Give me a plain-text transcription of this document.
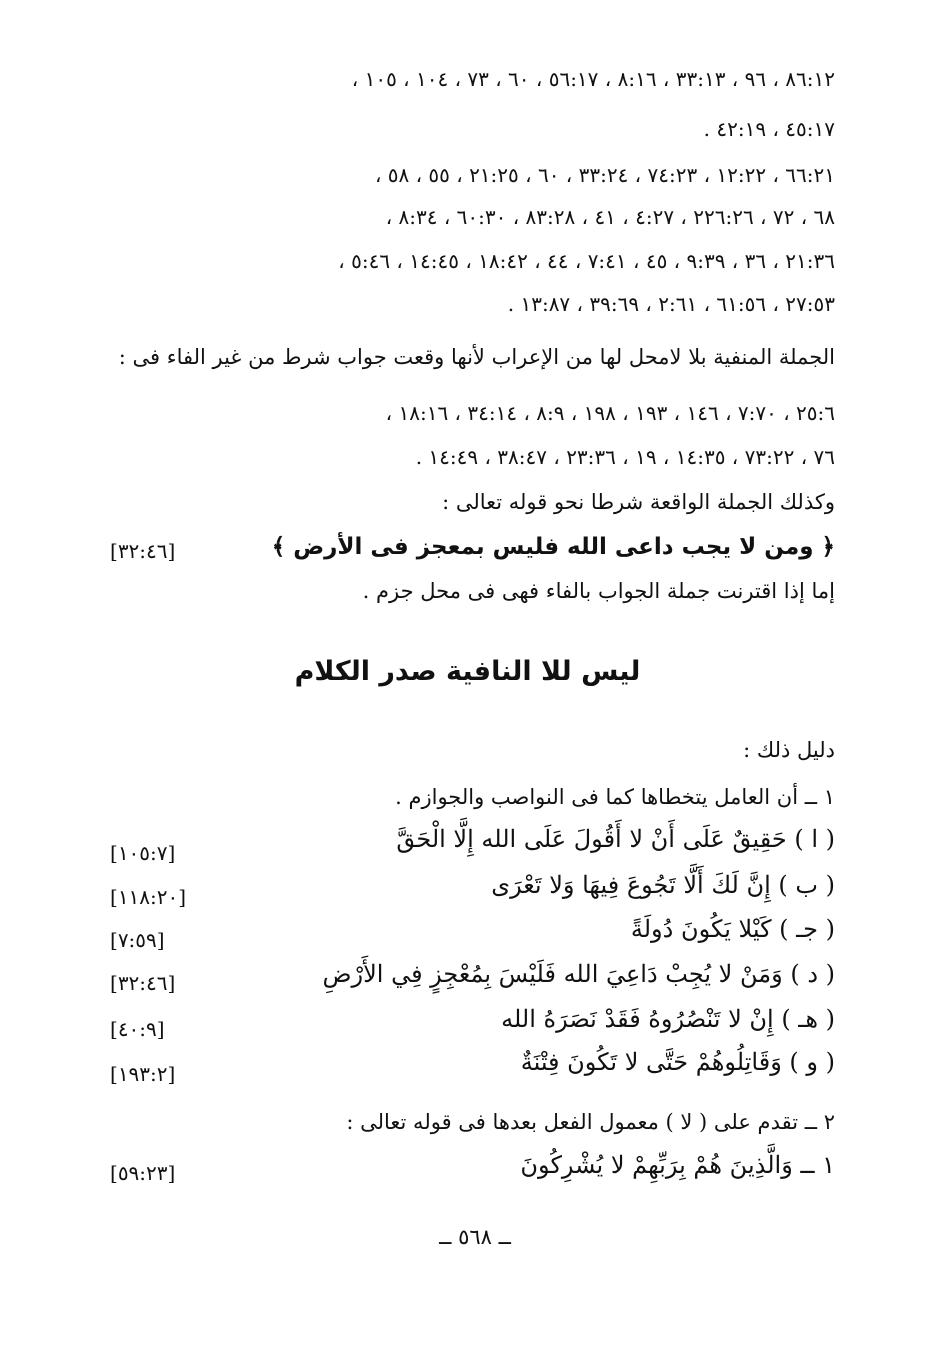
٨٦:١٢ ، ٩٦ ، ٣٣:١٣ ، ٨:١٦ ، ٥٦:١٧ ، ٦٠ ، ٧٣ ، ١٠٤ ، ١٠٥ ،
٤٥:١٧ ، ٤٢:١٩ .
٦٦:٢١ ، ١٢:٢٢ ، ٧٤:٢٣ ، ٣٣:٢٤ ، ٦٠ ، ٢١:٢٥ ، ٥٥ ، ٥٨ ،
٦٨ ، ٧٢ ، ٢٢٦:٢٦ ، ٤:٢٧ ، ٤١ ، ٨٣:٢٨ ، ٦٠:٣٠ ، ٨:٣٤ ،
٢١:٣٦ ، ٣٦ ، ٩:٣٩ ، ٤٥ ، ٧:٤١ ، ٤٤ ، ١٨:٤٢ ، ١٤:٤٥ ، ٥:٤٦ ،
٢٧:٥٣ ، ٦١:٥٦ ، ٢:٦١ ، ٣٩:٦٩ ، ١٣:٨٧ .
الجملة المنفية بلا لامحل لها من الإعراب لأنها وقعت جواب شرط من غير الفاء فى :
٢٥:٦ ، ٧:٧٠ ، ١٤٦ ، ١٩٣ ، ١٩٨ ، ٨:٩ ، ٣٤:١٤ ، ١٨:١٦ ،
٧٦ ، ٧٣:٢٢ ، ١٤:٣٥ ، ١٩ ، ٢٣:٣٦ ، ٣٨:٤٧ ، ١٤:٤٩ .
وكذلك الجملة الواقعة شرطا نحو قوله تعالى :
﴿ ومن لا يجب داعى الله فليس بمعجز فى الأرض ﴾
[٣٢:٤٦]
إما إذا اقترنت جملة الجواب بالفاء فهى فى محل جزم .
ليس للا النافية صدر الكلام
دليل ذلك :
١ ــ أن العامل يتخطاها كما فى النواصب والجوازم .
( ا ) حَقِيقٌ عَلَى أَنْ لا أَقُولَ عَلَى الله إِلَّا الْحَقَّ
[١٠٥:٧]
( ب ) إِنَّ لَكَ أَلَّا تَجُوعَ فِيهَا وَلا تَعْرَى
[١١٨:٢٠]
( جـ ) كَيْلا يَكُونَ دُولَةً
[٧:٥٩]
( د ) وَمَنْ لا يُجِبْ دَاعِيَ الله فَلَيْسَ بِمُعْجِزٍ فِي الأَرْضِ
[٣٢:٤٦]
( هـ ) إِنْ لا تَنْصُرُوهُ فَقَدْ نَصَرَهُ الله
[٤٠:٩]
( و ) وَقَاتِلُوهُمْ حَتَّى لا تَكُونَ فِتْنَةٌ
[١٩٣:٢]
٢ ــ تقدم على ( لا ) معمول الفعل بعدها فى قوله تعالى :
١ ــ وَالَّذِينَ هُمْ بِرَبِّهِمْ لا يُشْرِكُونَ
[٥٩:٢٣]
ــ ٥٦٨ ــ
